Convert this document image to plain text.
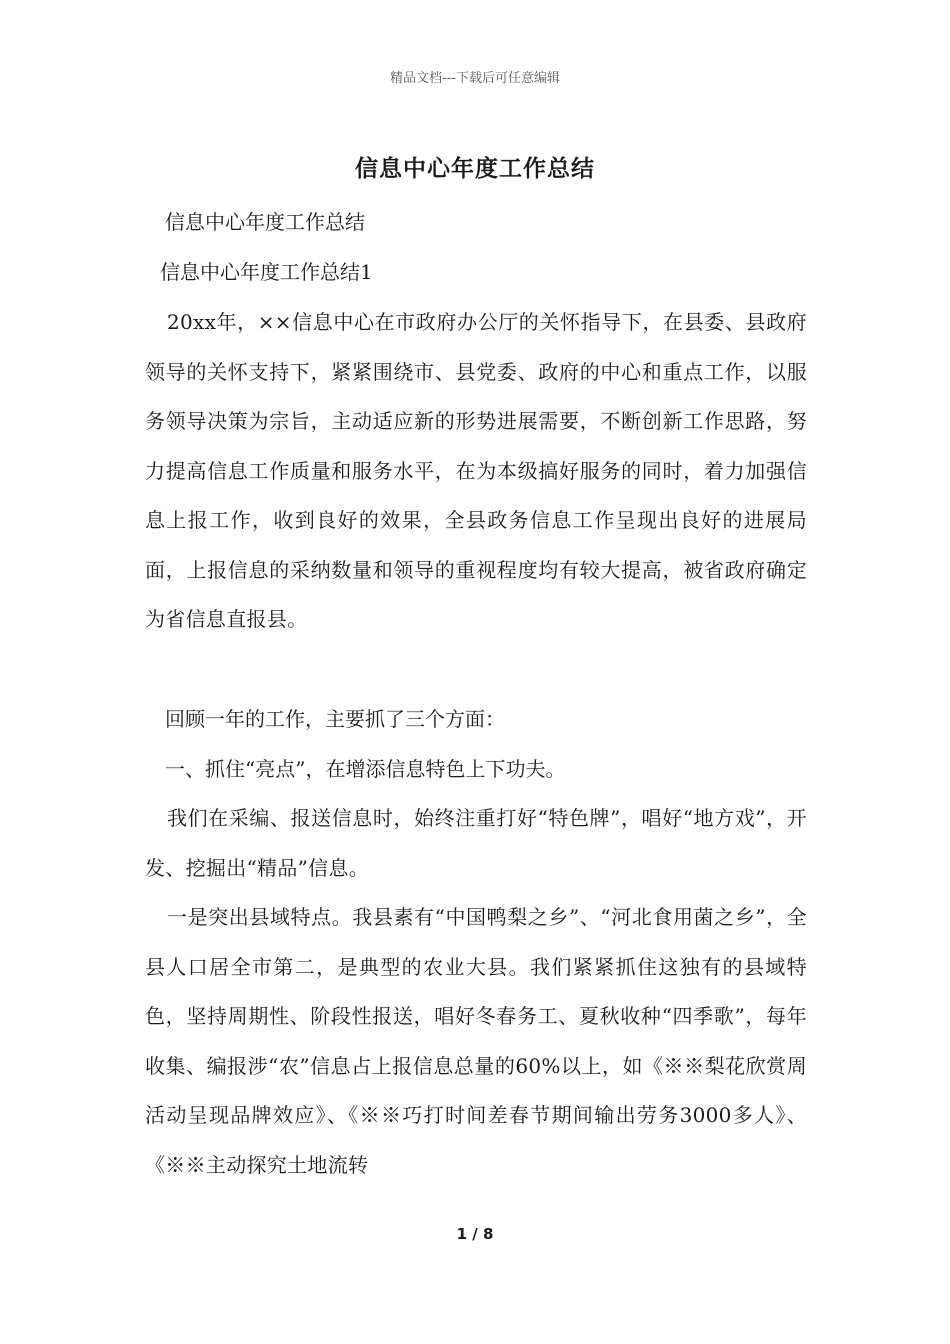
精品文档---下载后可任意编辑
信息中心年度工作总结
信息中心年度工作总结
信息中心年度工作总结1
20xx年，××信息中心在市政府办公厅的关怀指导下，在县委、县政府领导的关怀支持下，紧紧围绕市、县党委、政府的中心和重点工作，以服务领导决策为宗旨，主动适应新的形势进展需要，不断创新工作思路，努力提高信息工作质量和服务水平，在为本级搞好服务的同时，着力加强信息上报工作，收到良好的效果，全县政务信息工作呈现出良好的进展局面，上报信息的采纳数量和领导的重视程度均有较大提高，被省政府确定为省信息直报县。
回顾一年的工作，主要抓了三个方面：
一、抓住“亮点”，在增添信息特色上下功夫。
我们在采编、报送信息时，始终注重打好“特色牌”，唱好“地方戏”，开发、挖掘出“精品”信息。
一是突出县域特点。我县素有“中国鸭梨之乡”、“河北食用菌之乡”，全县人口居全市第二，是典型的农业大县。我们紧紧抓住这独有的县域特色，坚持周期性、阶段性报送，唱好冬春务工、夏秋收种“四季歌”，每年收集、编报涉“农”信息占上报信息总量的60%以上，如《※※梨花欣赏周活动呈现品牌效应》、《※※巧打时间差春节期间输出劳务3000多人》、《※※主动探究土地流转
1 / 8
